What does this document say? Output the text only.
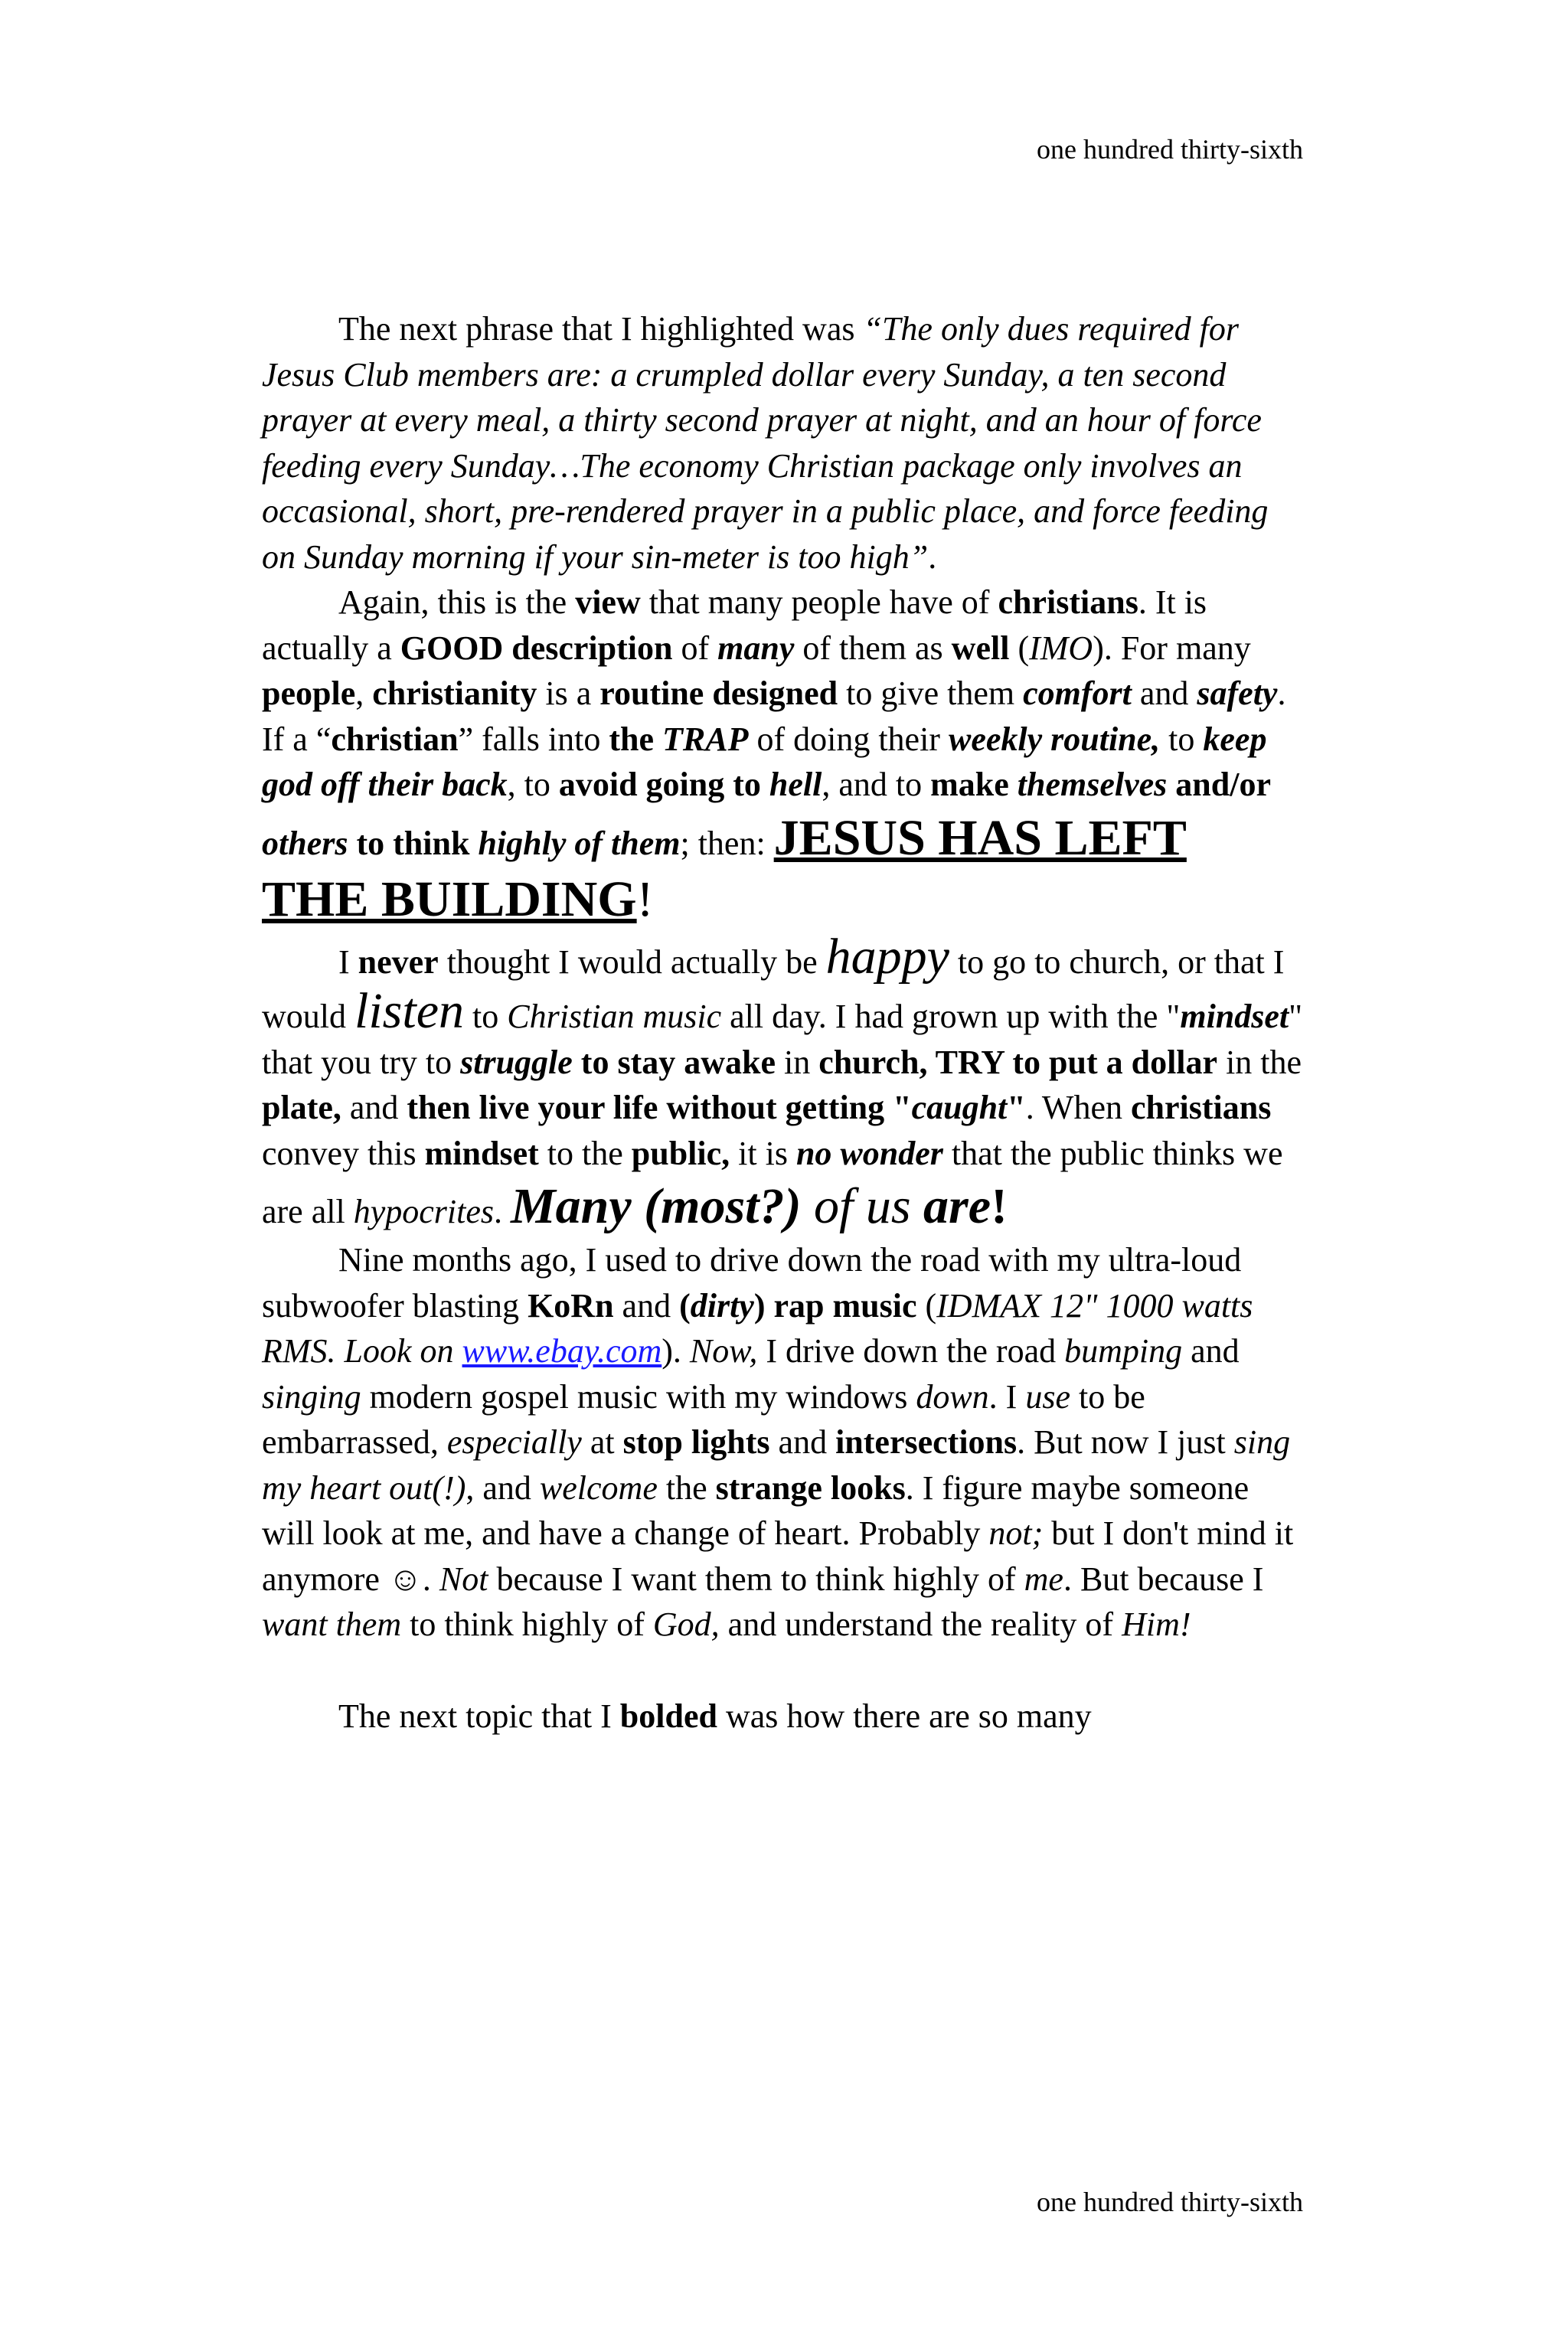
one hundred thirty-sixth

The next phrase that I highlighted was “The only dues required for Jesus Club members are: a crumpled dollar every Sunday, a ten second prayer at every meal, a thirty second prayer at night, and an hour of force feeding every Sunday…The economy Christian package only involves an occasional, short, pre-rendered prayer in a public place, and force feeding on Sunday morning if your sin-meter is too high”.

Again, this is the view that many people have of christians. It is actually a GOOD description of many of them as well (IMO). For many people, christianity is a routine designed to give them comfort and safety. If a “christian” falls into the TRAP of doing their weekly routine, to keep god off their back, to avoid going to hell, and to make themselves and/or others to think highly of them; then: JESUS HAS LEFT THE BUILDING!

I never thought I would actually be happy to go to church, or that I would listen to Christian music all day. I had grown up with the "mindset" that you try to struggle to stay awake in church, TRY to put a dollar in the plate, and then live your life without getting "caught". When christians convey this mindset to the public, it is no wonder that the public thinks we are all hypocrites. Many (most?) of us are!

Nine months ago, I used to drive down the road with my ultra-loud subwoofer blasting KoRn and (dirty) rap music (IDMAX 12" 1000 watts RMS. Look on www.ebay.com). Now, I drive down the road bumping and singing modern gospel music with my windows down. I use to be embarrassed, especially at stop lights and intersections. But now I just sing my heart out(!), and welcome the strange looks. I figure maybe someone will look at me, and have a change of heart. Probably not; but I don't mind it anymore ☺. Not because I want them to think highly of me. But because I want them to think highly of God, and understand the reality of Him!

The next topic that I bolded was how there are so many

one hundred thirty-sixth
